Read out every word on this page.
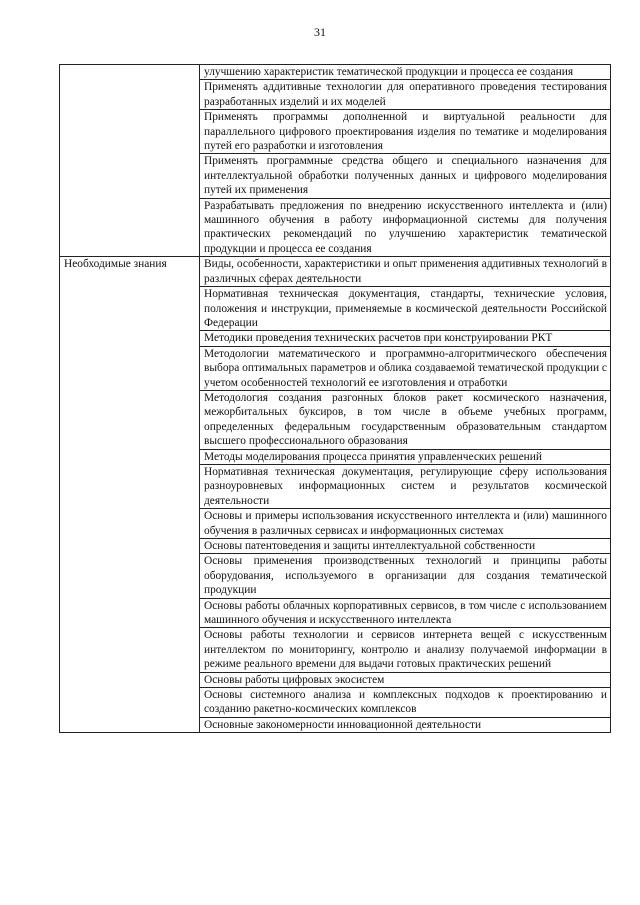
31
	улучшению характеристик тематической продукции и процесса ее создания
	Применять аддитивные технологии для оперативного проведения тестирования разработанных изделий и их моделей
	Применять программы дополненной и виртуальной реальности для параллельного цифрового проектирования изделия по тематике и моделирования путей его разработки и изготовления
	Применять программные средства общего и специального назначения для интеллектуальной обработки полученных данных и цифрового моделирования путей их применения
	Разрабатывать предложения по внедрению искусственного интеллекта и (или) машинного обучения в работу информационной системы для получения практических рекомендаций по улучшению характеристик тематической продукции и процесса ее создания
Необходимые знания	Виды, особенности, характеристики и опыт применения аддитивных технологий в различных сферах деятельности
	Нормативная техническая документация, стандарты, технические условия, положения и инструкции, применяемые в космической деятельности Российской Федерации
	Методики проведения технических расчетов при конструировании РКТ
	Методологии математического и программно-алгоритмического обеспечения выбора оптимальных параметров и облика создаваемой тематической продукции с учетом особенностей технологий ее изготовления и отработки
	Методология создания разгонных блоков ракет космического назначения, межорбитальных буксиров, в том числе в объеме учебных программ, определенных федеральным государственным образовательным стандартом высшего профессионального образования
	Методы моделирования процесса принятия управленческих решений
	Нормативная техническая документация, регулирующие сферу использования разноуровневых информационных систем и результатов космической деятельности
	Основы и примеры использования искусственного интеллекта и (или) машинного обучения в различных сервисах и информационных системах
	Основы патентоведения и защиты интеллектуальной собственности
	Основы применения производственных технологий и принципы работы оборудования, используемого в организации для создания тематической продукции
	Основы работы облачных корпоративных сервисов, в том числе с использованием машинного обучения и искусственного интеллекта
	Основы работы технологии и сервисов интернета вещей с искусственным интеллектом по мониторингу, контролю и анализу получаемой информации в режиме реального времени для выдачи готовых практических решений
	Основы работы цифровых экосистем
	Основы системного анализа и комплексных подходов к проектированию и созданию ракетно-космических комплексов
	Основные закономерности инновационной деятельности
